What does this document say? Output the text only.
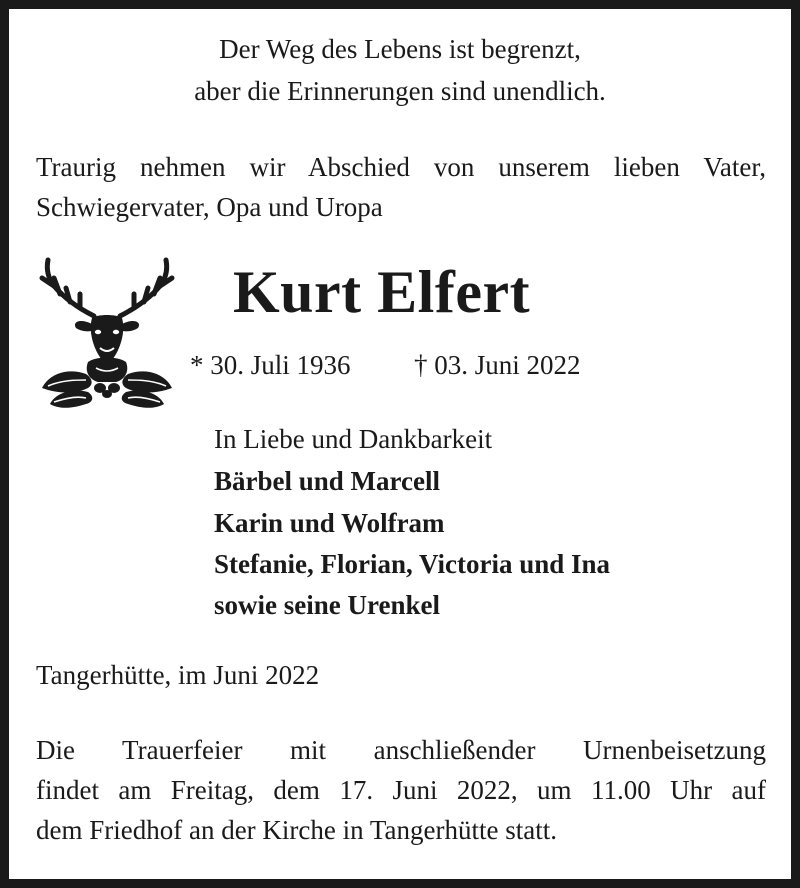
Der Weg des Lebens ist begrenzt,
aber die Erinnerungen sind unendlich.
Traurig nehmen wir Abschied von unserem lieben Vater,
Schwiegervater, Opa und Uropa
Kurt Elfert
* 30. Juli 1936 † 03. Juni 2022
In Liebe und Dankbarkeit
Bärbel und Marcell
Karin und Wolfram
Stefanie, Florian, Victoria und Ina
sowie seine Urenkel
Tangerhütte, im Juni 2022
Die Trauerfeier mit anschließender Urnenbeisetzung
findet am Freitag, dem 17. Juni 2022, um 11.00 Uhr auf
dem Friedhof an der Kirche in Tangerhütte statt.
